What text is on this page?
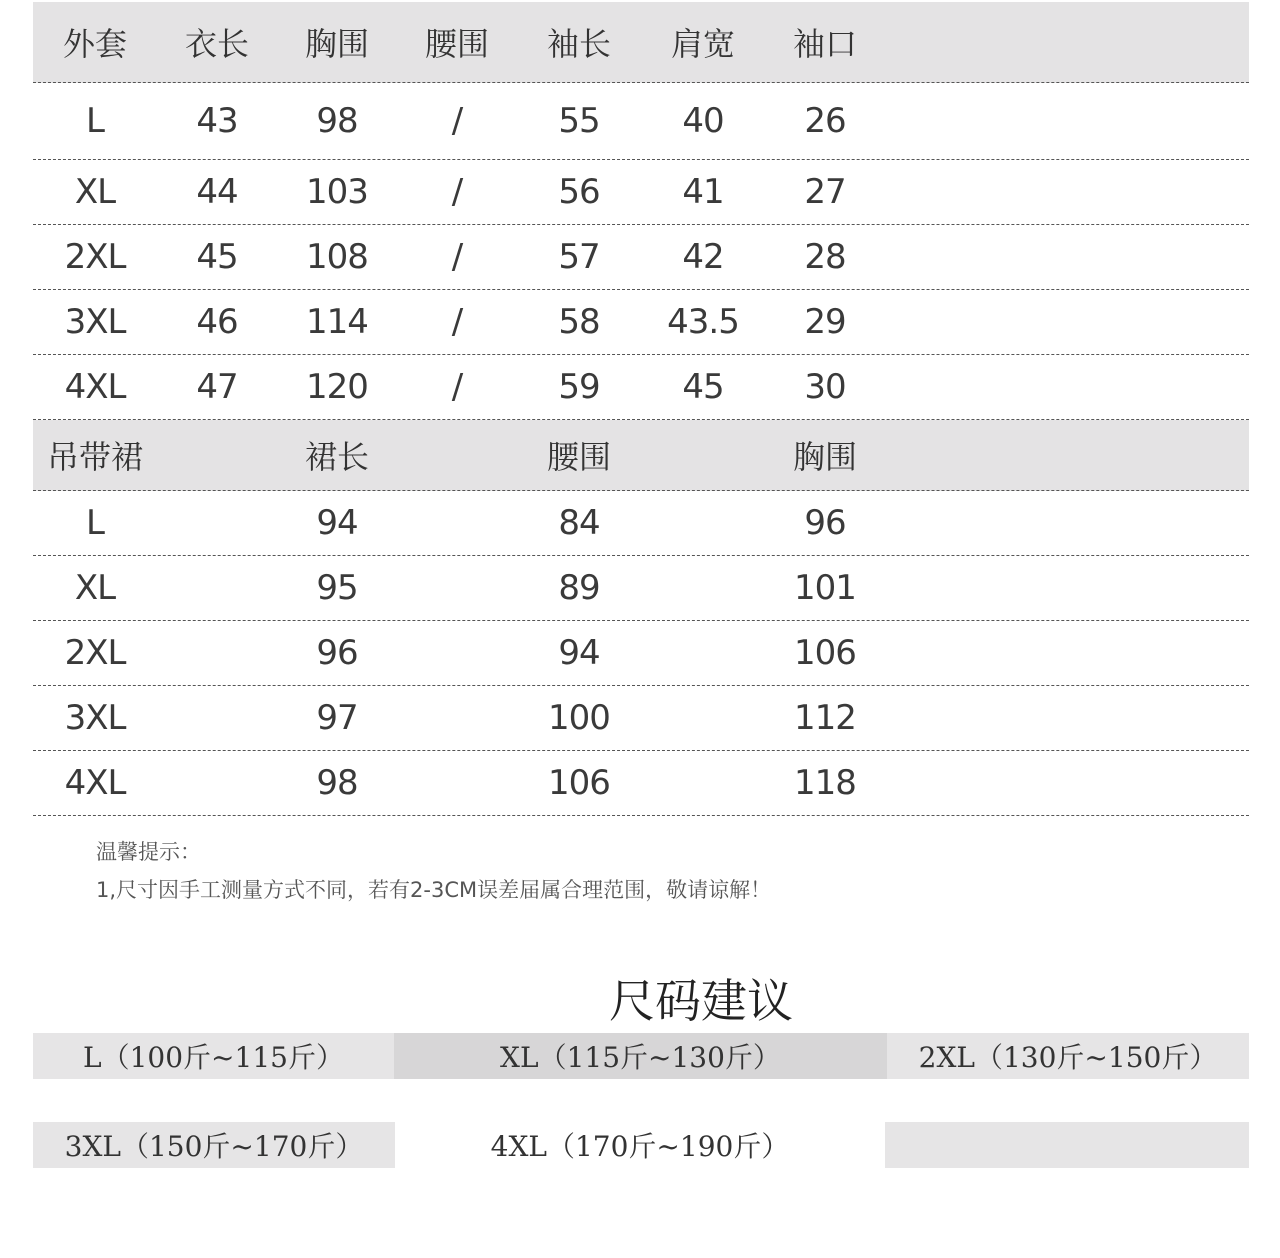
外套	衣长	胸围	腰围	袖长	肩宽	袖口
L	43	98	/	55	40	26
XL	44	103	/	56	41	27
2XL	45	108	/	57	42	28
3XL	46	114	/	58	43.5	29
4XL	47	120	/	59	45	30
吊带裙	裙长	腰围	胸围
L	94	84	96
XL	95	89	101
2XL	96	94	106
3XL	97	100	112
4XL	98	106	118
温馨提示：
1,尺寸因手工测量方式不同，若有2-3CM误差届属合理范围，敬请谅解！
尺码建议
L（100斤~115斤）	XL（115斤~130斤）	2XL（130斤~150斤）
3XL（150斤~170斤）	4XL（170斤~190斤）
